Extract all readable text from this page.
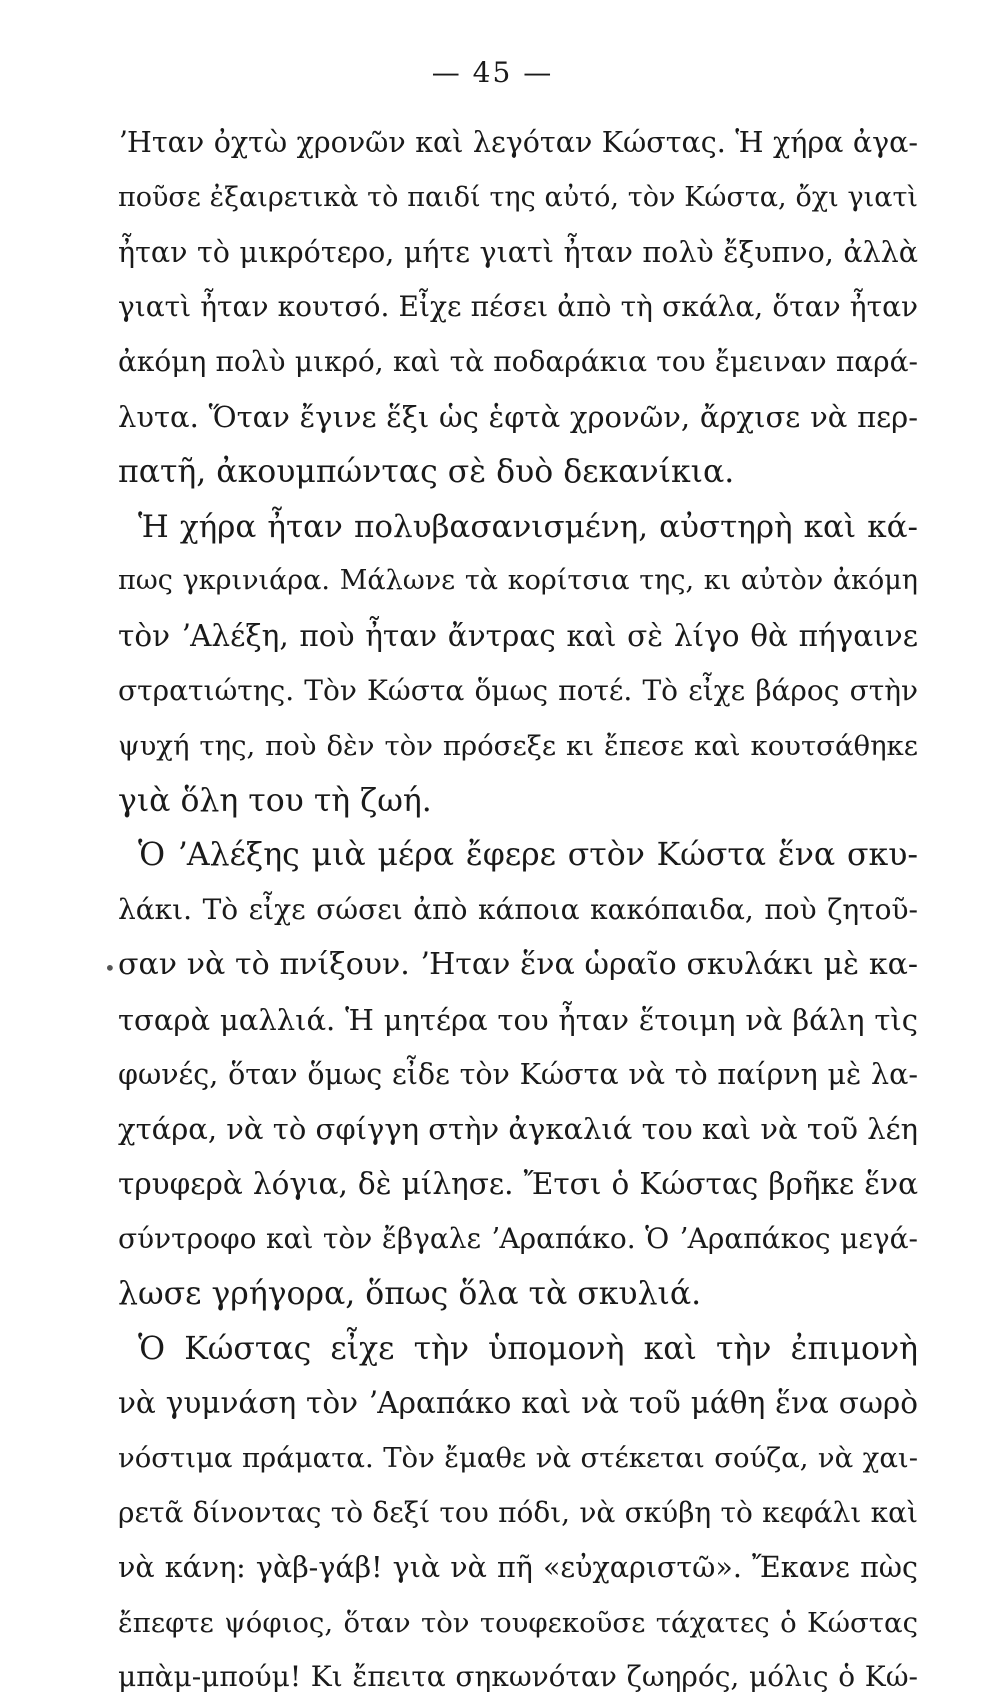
— 45 —
•
ʼΗταν ὀχτὼ χρονῶν καὶ λεγόταν Κώστας. Ἡ χήρα ἀγα-
ποῦσε ἐξαιρετικὰ τὸ παιδί της αὐτό, τὸν Κώστα, ὄχι γιατὶ
ἦταν τὸ μικρότερο, μήτε γιατὶ ἦταν πολὺ ἔξυπνο, ἀλλὰ
γιατὶ ἦταν κουτσό. Εἶχε πέσει ἀπὸ τὴ σκάλα, ὅταν ἦταν
ἀκόμη πολὺ μικρό, καὶ τὰ ποδαράκια του ἔμειναν παρά-
λυτα. Ὅταν ἔγινε ἕξι ὡς ἑφτὰ χρονῶν, ἄρχισε νὰ περ-
πατῆ, ἀκουμπώντας σὲ δυὸ δεκανίκια.
Ἡ χήρα ἦταν πολυβασανισμένη, αὐστηρὴ καὶ κά-
πως γκρινιάρα. Μάλωνε τὰ κορίτσια της, κι αὐτὸν ἀκόμη
τὸν ʼΑλέξη, ποὺ ἦταν ἄντρας καὶ σὲ λίγο θὰ πήγαινε
στρατιώτης. Τὸν Κώστα ὅμως ποτέ. Τὸ εἶχε βάρος στὴν
ψυχή της, ποὺ δὲν τὸν πρόσεξε κι ἔπεσε καὶ κουτσάθηκε
γιὰ ὅλη του τὴ ζωή.
Ὁ ʼΑλέξης μιὰ μέρα ἔφερε στὸν Κώστα ἕνα σκυ-
λάκι. Τὸ εἶχε σώσει ἀπὸ κάποια κακόπαιδα, ποὺ ζητοῦ-
σαν νὰ τὸ πνίξουν. ʼΗταν ἕνα ὡραῖο σκυλάκι μὲ κα-
τσαρὰ μαλλιά. Ἡ μητέρα του ἦταν ἕτοιμη νὰ βάλη τὶς
φωνές, ὅταν ὅμως εἶδε τὸν Κώστα νὰ τὸ παίρνη μὲ λα-
χτάρα, νὰ τὸ σφίγγη στὴν ἀγκαλιά του καὶ νὰ τοῦ λέη
τρυφερὰ λόγια, δὲ μίλησε. Ἔτσι ὁ Κώστας βρῆκε ἕνα
σύντροφο καὶ τὸν ἔβγαλε ʼΑραπάκο. Ὁ ʼΑραπάκος μεγά-
λωσε γρήγορα, ὅπως ὅλα τὰ σκυλιά.
Ὁ Κώστας εἶχε τὴν ὑπομονὴ καὶ τὴν ἐπιμονὴ
νὰ γυμνάση τὸν ʼΑραπάκο καὶ νὰ τοῦ μάθη ἕνα σωρὸ
νόστιμα πράματα. Τὸν ἔμαθε νὰ στέκεται σούζα, νὰ χαι-
ρετᾶ δίνοντας τὸ δεξί του πόδι, νὰ σκύβη τὸ κεφάλι καὶ
νὰ κάνη: γὰβ-γάβ! γιὰ νὰ πῆ «εὐχαριστῶ». Ἔκανε πὼς
ἔπεφτε ψόφιος, ὅταν τὸν τουφεκοῦσε τάχατες ὁ Κώστας
μπὰμ-μπούμ! Κι ἔπειτα σηκωνόταν ζωηρός, μόλις ὁ Κώ-
